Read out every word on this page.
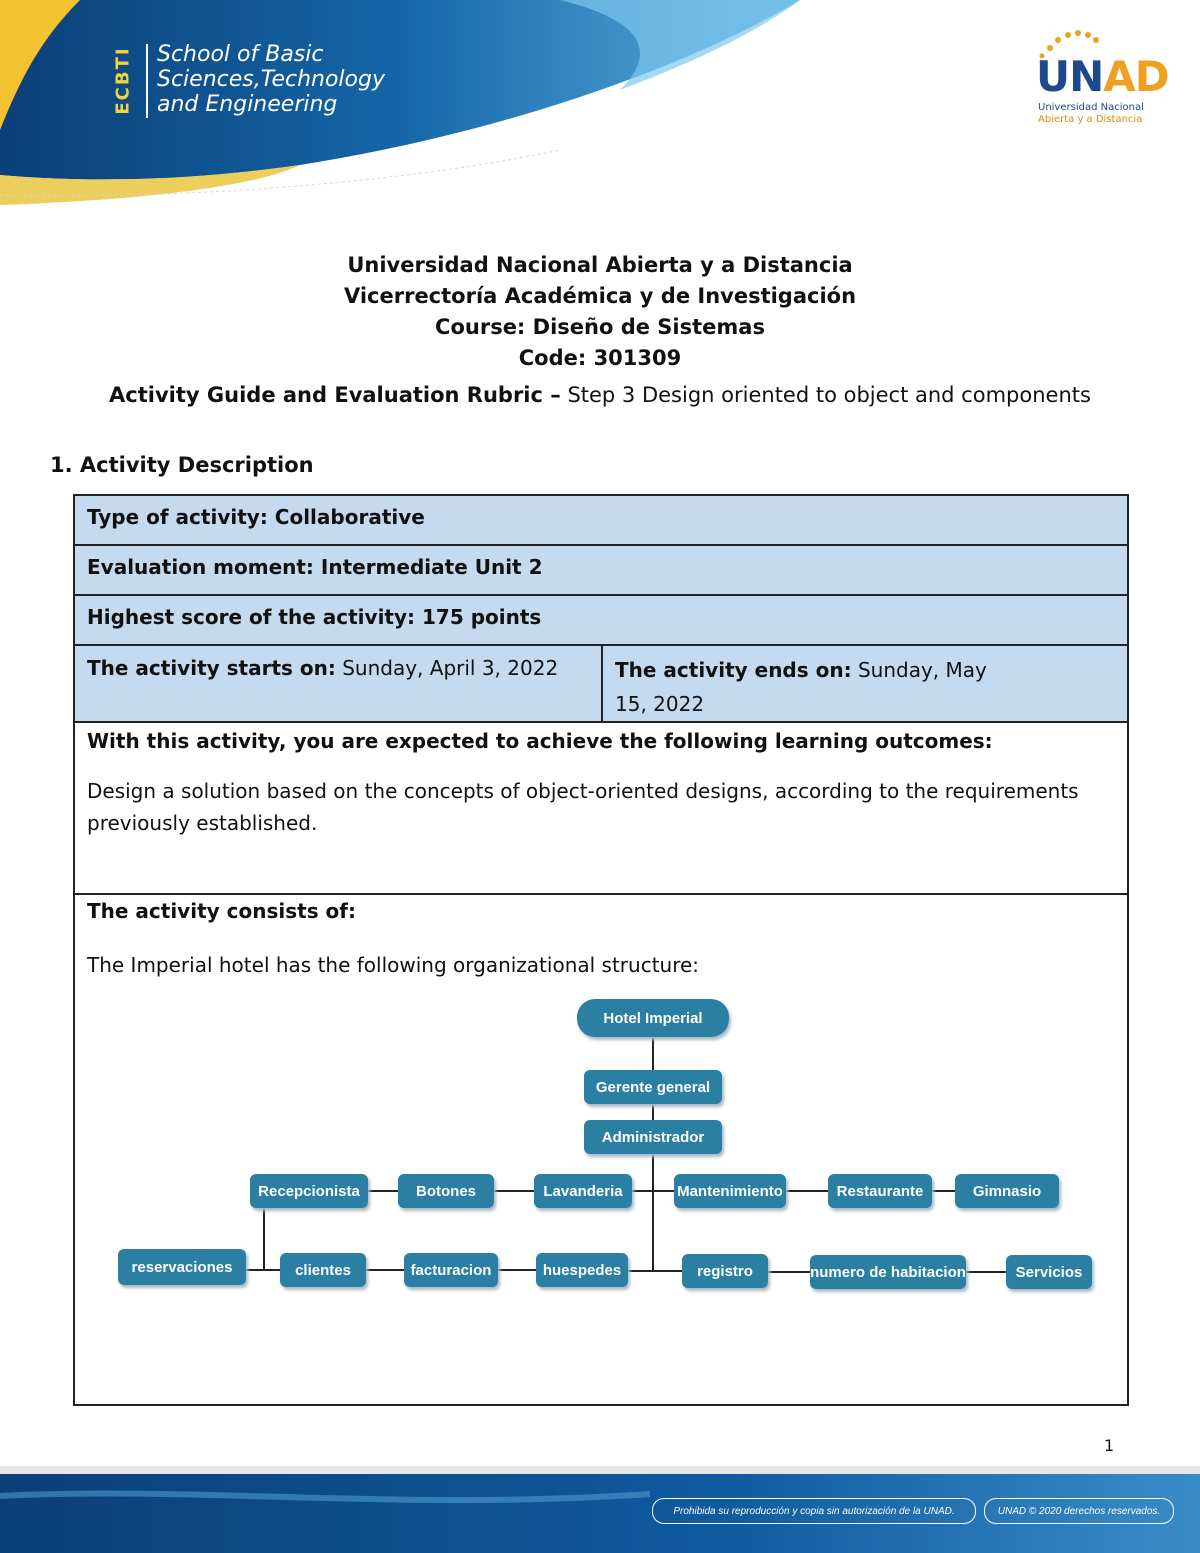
ECBTI School of Basic
Sciences,Technology
and Engineering
UNAD
Universidad Nacional
Abierta y a Distancia
Universidad Nacional Abierta y a Distancia
Vicerrectoría Académica y de Investigación
Course: Diseño de Sistemas
Code: 301309
Activity Guide and Evaluation Rubric – Step 3 Design oriented to object and components
1. Activity Description
Type of activity: Collaborative
Evaluation moment: Intermediate Unit 2
Highest score of the activity: 175 points
The activity starts on: Sunday, April 3, 2022	The activity ends on: Sunday, May 15, 2022
With this activity, you are expected to achieve the following learning outcomes:
Design a solution based on the concepts of object-oriented designs, according to the requirements previously established.
The activity consists of:
The Imperial hotel has the following organizational structure:
Hotel Imperial
Gerente general
Administrador
Recepcionista	Botones	Lavanderia	Mantenimiento	Restaurante	Gimnasio
reservaciones	clientes	facturacion	huespedes	registro	numero de habitacion	Servicios
1
Prohibida su reproducción y copia sin autorización de la UNAD.	UNAD © 2020 derechos reservados.
